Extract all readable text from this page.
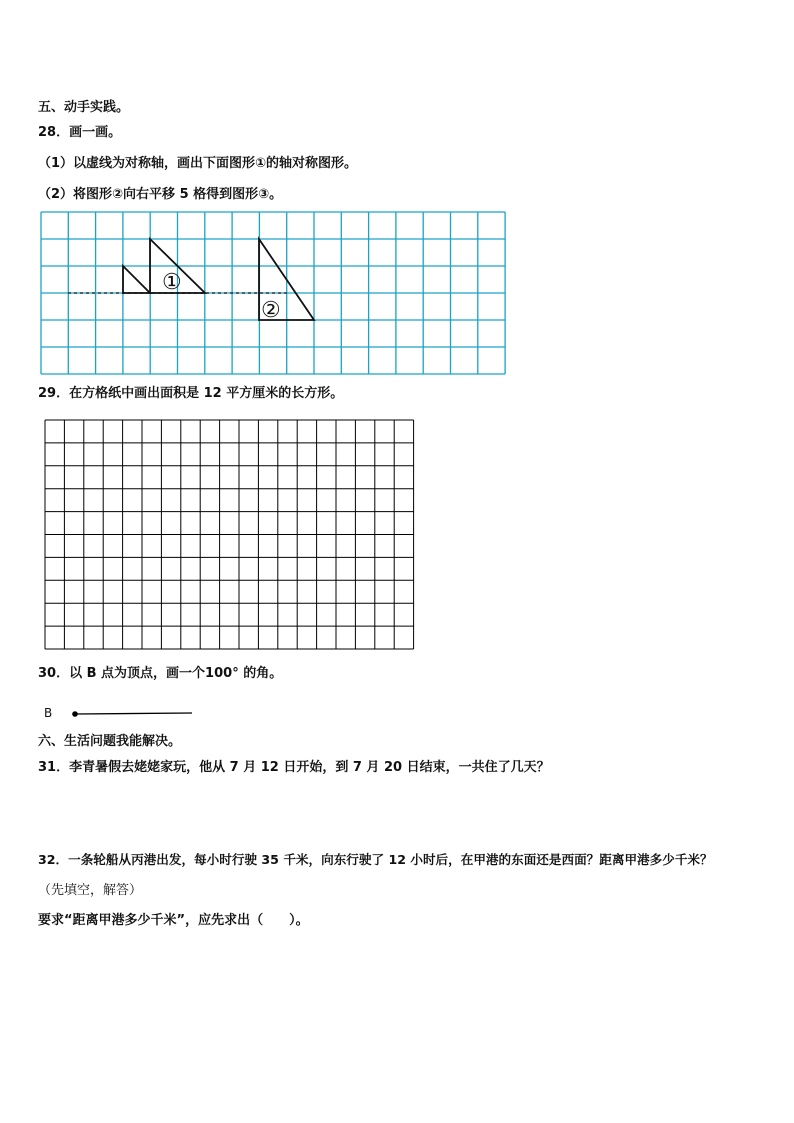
五、动手实践。
28．画一画。
（1）以虚线为对称轴，画出下面图形①的轴对称图形。
（2）将图形②向右平移 5 格得到图形③。
①
②
29．在方格纸中画出面积是 12 平方厘米的长方形。
30．以 B 点为顶点，画一个100° 的角。
B
六、生活问题我能解决。
31．李青暑假去姥姥家玩，他从 7 月 12 日开始，到 7 月 20 日结束，一共住了几天？
32．一条轮船从丙港出发，每小时行驶 35 千米，向东行驶了 12 小时后，在甲港的东面还是西面？距离甲港多少千米？
（先填空，解答）
要求“距离甲港多少千米”，应先求出（　　）。
